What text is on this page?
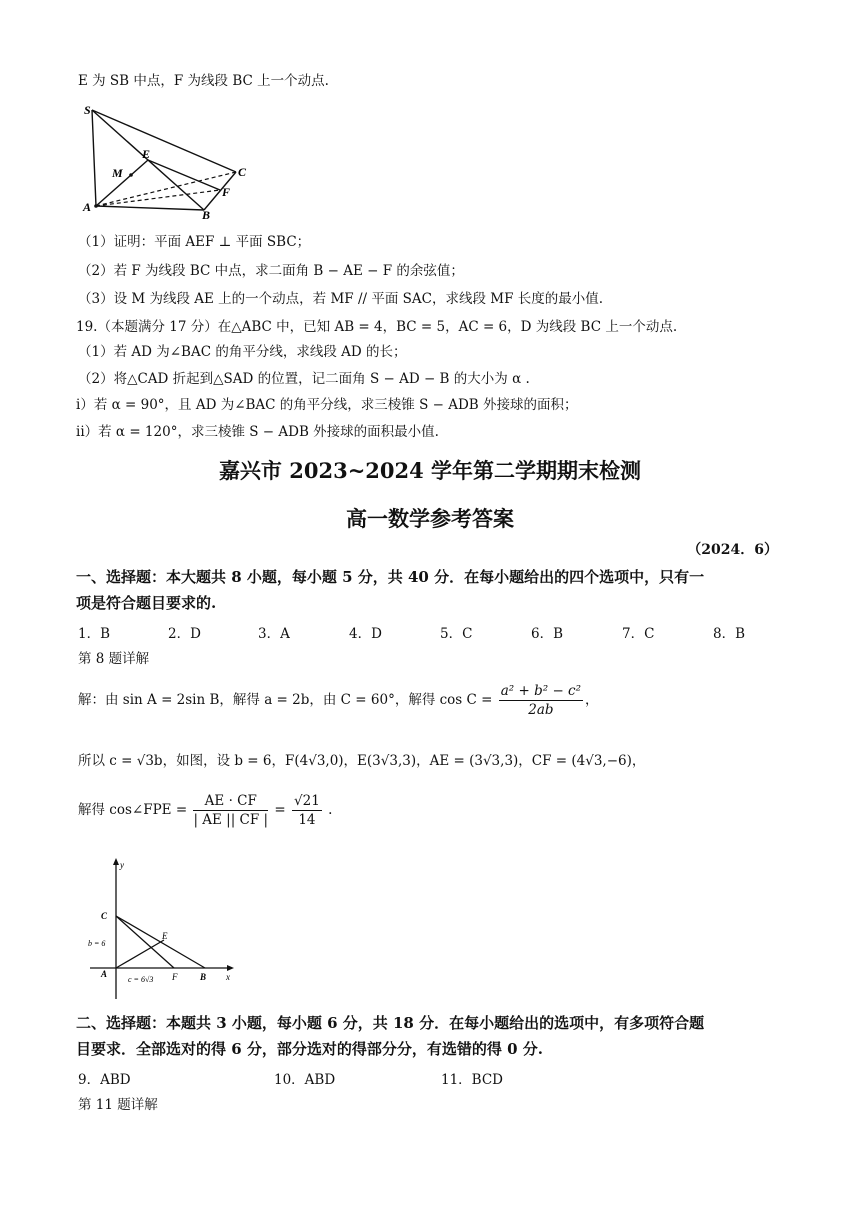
E 为 SB 中点，F 为线段 BC 上一个动点.
S
A
B
C
E
F
M
（1）证明：平面 AEF ⊥ 平面 SBC；
（2）若 F 为线段 BC 中点，求二面角 B − AE − F 的余弦值；
（3）设 M 为线段 AE 上的一个动点，若 MF // 平面 SAC，求线段 MF 长度的最小值.
19.（本题满分 17 分）在△ABC 中，已知 AB = 4，BC = 5，AC = 6，D 为线段 BC 上一个动点.
（1）若 AD 为∠BAC 的角平分线，求线段 AD 的长；
（2）将△CAD 折起到△SAD 的位置，记二面角 S − AD − B 的大小为 α .
i）若 α = 90°，且 AD 为∠BAC 的角平分线，求三棱锥 S − ADB 外接球的面积；
ii）若 α = 120°，求三棱锥 S − ADB 外接球的面积最小值.
嘉兴市 2023~2024 学年第二学期期末检测
高一数学参考答案
（2024．6）
一、选择题：本大题共 8 小题，每小题 5 分，共 40 分．在每小题给出的四个选项中，只有一
项是符合题目要求的.
1．B	2．D	3．A	4．D	5．C	6．B	7．C	8．B
第 8 题详解
解：由 sin A = 2sin B，解得 a = 2b，由 C = 60°，解得 $\cos C = \frac{\text{a² + b² − c²}}{2ab}$ ，
所以 c = √3b，如图，设 b = 6，F(4√3,0)，E(3√3,3)，AE = (3√3,3)，CF = (4√3,−6)，
解得 cos∠FPE = $\frac{AE \cdot CF}{| AE || CF |} = \frac{√21}{14}$ .
y
x
C
A
E
F	B
b = 6
c = 6√3
二、选择题：本题共 3 小题，每小题 6 分，共 18 分．在每小题给出的选项中，有多项符合题
目要求．全部选对的得 6 分，部分选对的得部分分，有选错的得 0 分.
9．ABD	10．ABD	11．BCD
第 11 题详解
